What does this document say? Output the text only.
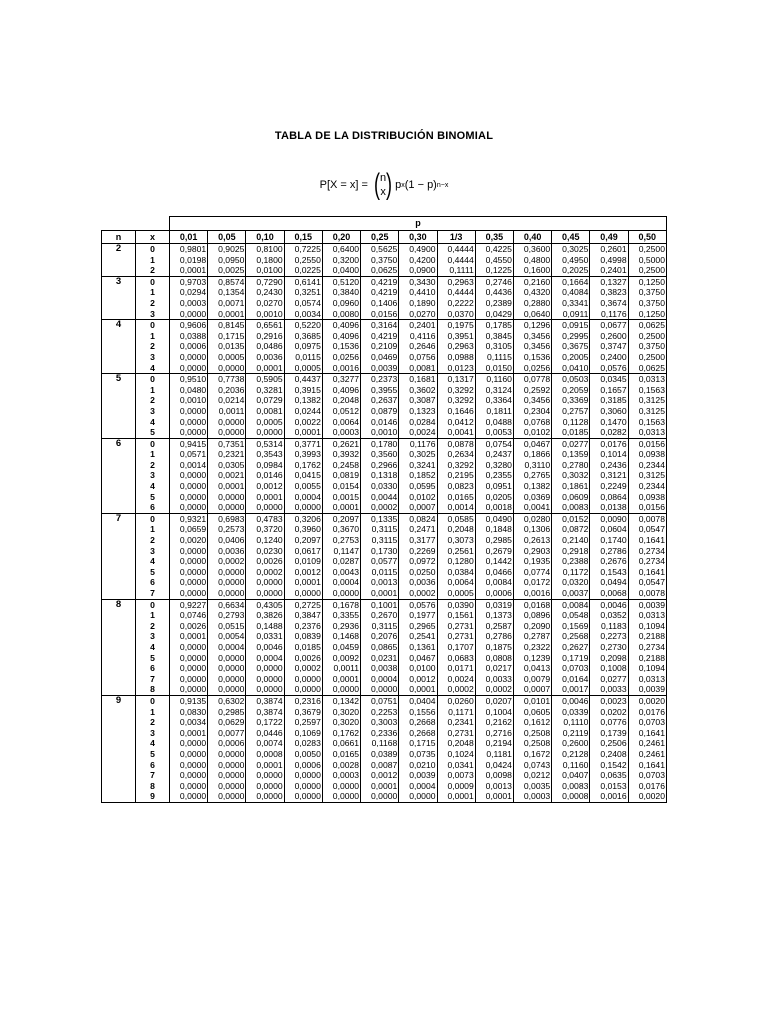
TABLA DE LA DISTRIBUCIÓN BINOMIAL
P[X = x] = ( n
x ) p x (1 − p) n−x
		p												
n	x	0,01	0,05	0,10	0,15	0,20	0,25	0,30	1/3	0,35	0,40	0,45	0,49	0,50
2	0	0,9801	0,9025	0,8100	0,7225	0,6400	0,5625	0,4900	0,4444	0,4225	0,3600	0,3025	0,2601	0,2500
	1	0,0198	0,0950	0,1800	0,2550	0,3200	0,3750	0,4200	0,4444	0,4550	0,4800	0,4950	0,4998	0,5000
	2	0,0001	0,0025	0,0100	0,0225	0,0400	0,0625	0,0900	0,1111	0,1225	0,1600	0,2025	0,2401	0,2500
3	0	0,9703	0,8574	0,7290	0,6141	0,5120	0,4219	0,3430	0,2963	0,2746	0,2160	0,1664	0,1327	0,1250
	1	0,0294	0,1354	0,2430	0,3251	0,3840	0,4219	0,4410	0,4444	0,4436	0,4320	0,4084	0,3823	0,3750
	2	0,0003	0,0071	0,0270	0,0574	0,0960	0,1406	0,1890	0,2222	0,2389	0,2880	0,3341	0,3674	0,3750
	3	0,0000	0,0001	0,0010	0,0034	0,0080	0,0156	0,0270	0,0370	0,0429	0,0640	0,0911	0,1176	0,1250
4	0	0,9606	0,8145	0,6561	0,5220	0,4096	0,3164	0,2401	0,1975	0,1785	0,1296	0,0915	0,0677	0,0625
	1	0,0388	0,1715	0,2916	0,3685	0,4096	0,4219	0,4116	0,3951	0,3845	0,3456	0,2995	0,2600	0,2500
	2	0,0006	0,0135	0,0486	0,0975	0,1536	0,2109	0,2646	0,2963	0,3105	0,3456	0,3675	0,3747	0,3750
	3	0,0000	0,0005	0,0036	0,0115	0,0256	0,0469	0,0756	0,0988	0,1115	0,1536	0,2005	0,2400	0,2500
	4	0,0000	0,0000	0,0001	0,0005	0,0016	0,0039	0,0081	0,0123	0,0150	0,0256	0,0410	0,0576	0,0625
5	0	0,9510	0,7738	0,5905	0,4437	0,3277	0,2373	0,1681	0,1317	0,1160	0,0778	0,0503	0,0345	0,0313
	1	0,0480	0,2036	0,3281	0,3915	0,4096	0,3955	0,3602	0,3292	0,3124	0,2592	0,2059	0,1657	0,1563
	2	0,0010	0,0214	0,0729	0,1382	0,2048	0,2637	0,3087	0,3292	0,3364	0,3456	0,3369	0,3185	0,3125
	3	0,0000	0,0011	0,0081	0,0244	0,0512	0,0879	0,1323	0,1646	0,1811	0,2304	0,2757	0,3060	0,3125
	4	0,0000	0,0000	0,0005	0,0022	0,0064	0,0146	0,0284	0,0412	0,0488	0,0768	0,1128	0,1470	0,1563
	5	0,0000	0,0000	0,0000	0,0001	0,0003	0,0010	0,0024	0,0041	0,0053	0,0102	0,0185	0,0282	0,0313
6	0	0,9415	0,7351	0,5314	0,3771	0,2621	0,1780	0,1176	0,0878	0,0754	0,0467	0,0277	0,0176	0,0156
	1	0,0571	0,2321	0,3543	0,3993	0,3932	0,3560	0,3025	0,2634	0,2437	0,1866	0,1359	0,1014	0,0938
	2	0,0014	0,0305	0,0984	0,1762	0,2458	0,2966	0,3241	0,3292	0,3280	0,3110	0,2780	0,2436	0,2344
	3	0,0000	0,0021	0,0146	0,0415	0,0819	0,1318	0,1852	0,2195	0,2355	0,2765	0,3032	0,3121	0,3125
	4	0,0000	0,0001	0,0012	0,0055	0,0154	0,0330	0,0595	0,0823	0,0951	0,1382	0,1861	0,2249	0,2344
	5	0,0000	0,0000	0,0001	0,0004	0,0015	0,0044	0,0102	0,0165	0,0205	0,0369	0,0609	0,0864	0,0938
	6	0,0000	0,0000	0,0000	0,0000	0,0001	0,0002	0,0007	0,0014	0,0018	0,0041	0,0083	0,0138	0,0156
7	0	0,9321	0,6983	0,4783	0,3206	0,2097	0,1335	0,0824	0,0585	0,0490	0,0280	0,0152	0,0090	0,0078
	1	0,0659	0,2573	0,3720	0,3960	0,3670	0,3115	0,2471	0,2048	0,1848	0,1306	0,0872	0,0604	0,0547
	2	0,0020	0,0406	0,1240	0,2097	0,2753	0,3115	0,3177	0,3073	0,2985	0,2613	0,2140	0,1740	0,1641
	3	0,0000	0,0036	0,0230	0,0617	0,1147	0,1730	0,2269	0,2561	0,2679	0,2903	0,2918	0,2786	0,2734
	4	0,0000	0,0002	0,0026	0,0109	0,0287	0,0577	0,0972	0,1280	0,1442	0,1935	0,2388	0,2676	0,2734
	5	0,0000	0,0000	0,0002	0,0012	0,0043	0,0115	0,0250	0,0384	0,0466	0,0774	0,1172	0,1543	0,1641
	6	0,0000	0,0000	0,0000	0,0001	0,0004	0,0013	0,0036	0,0064	0,0084	0,0172	0,0320	0,0494	0,0547
	7	0,0000	0,0000	0,0000	0,0000	0,0000	0,0001	0,0002	0,0005	0,0006	0,0016	0,0037	0,0068	0,0078
8	0	0,9227	0,6634	0,4305	0,2725	0,1678	0,1001	0,0576	0,0390	0,0319	0,0168	0,0084	0,0046	0,0039
	1	0,0746	0,2793	0,3826	0,3847	0,3355	0,2670	0,1977	0,1561	0,1373	0,0896	0,0548	0,0352	0,0313
	2	0,0026	0,0515	0,1488	0,2376	0,2936	0,3115	0,2965	0,2731	0,2587	0,2090	0,1569	0,1183	0,1094
	3	0,0001	0,0054	0,0331	0,0839	0,1468	0,2076	0,2541	0,2731	0,2786	0,2787	0,2568	0,2273	0,2188
	4	0,0000	0,0004	0,0046	0,0185	0,0459	0,0865	0,1361	0,1707	0,1875	0,2322	0,2627	0,2730	0,2734
	5	0,0000	0,0000	0,0004	0,0026	0,0092	0,0231	0,0467	0,0683	0,0808	0,1239	0,1719	0,2098	0,2188
	6	0,0000	0,0000	0,0000	0,0002	0,0011	0,0038	0,0100	0,0171	0,0217	0,0413	0,0703	0,1008	0,1094
	7	0,0000	0,0000	0,0000	0,0000	0,0001	0,0004	0,0012	0,0024	0,0033	0,0079	0,0164	0,0277	0,0313
	8	0,0000	0,0000	0,0000	0,0000	0,0000	0,0000	0,0001	0,0002	0,0002	0,0007	0,0017	0,0033	0,0039
9	0	0,9135	0,6302	0,3874	0,2316	0,1342	0,0751	0,0404	0,0260	0,0207	0,0101	0,0046	0,0023	0,0020
	1	0,0830	0,2985	0,3874	0,3679	0,3020	0,2253	0,1556	0,1171	0,1004	0,0605	0,0339	0,0202	0,0176
	2	0,0034	0,0629	0,1722	0,2597	0,3020	0,3003	0,2668	0,2341	0,2162	0,1612	0,1110	0,0776	0,0703
	3	0,0001	0,0077	0,0446	0,1069	0,1762	0,2336	0,2668	0,2731	0,2716	0,2508	0,2119	0,1739	0,1641
	4	0,0000	0,0006	0,0074	0,0283	0,0661	0,1168	0,1715	0,2048	0,2194	0,2508	0,2600	0,2506	0,2461
	5	0,0000	0,0000	0,0008	0,0050	0,0165	0,0389	0,0735	0,1024	0,1181	0,1672	0,2128	0,2408	0,2461
	6	0,0000	0,0000	0,0001	0,0006	0,0028	0,0087	0,0210	0,0341	0,0424	0,0743	0,1160	0,1542	0,1641
	7	0,0000	0,0000	0,0000	0,0000	0,0003	0,0012	0,0039	0,0073	0,0098	0,0212	0,0407	0,0635	0,0703
	8	0,0000	0,0000	0,0000	0,0000	0,0000	0,0001	0,0004	0,0009	0,0013	0,0035	0,0083	0,0153	0,0176
	9	0,0000	0,0000	0,0000	0,0000	0,0000	0,0000	0,0000	0,0001	0,0001	0,0003	0,0008	0,0016	0,0020
